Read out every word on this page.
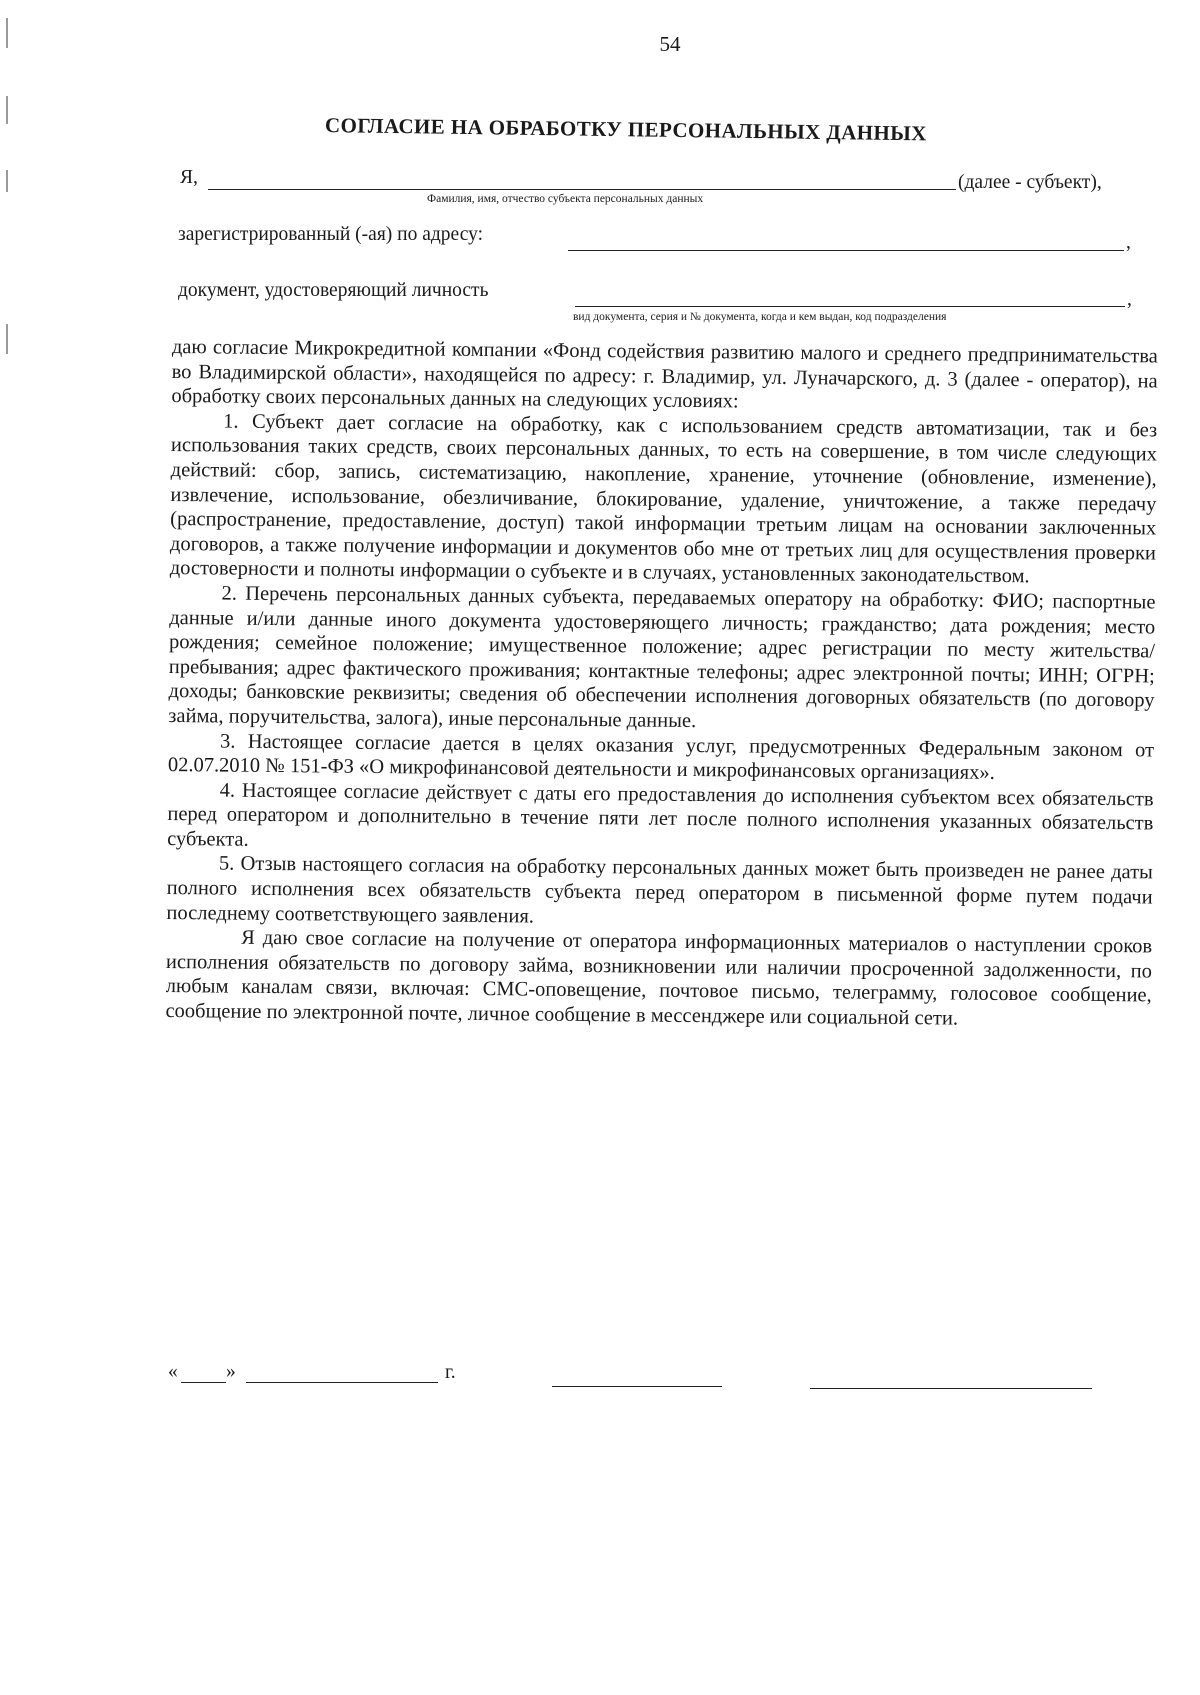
54
СОГЛАСИЕ НА ОБРАБОТКУ ПЕРСОНАЛЬНЫХ ДАННЫХ
Я,	(далее - субъект),
Фамилия, имя, отчество субъекта персональных данных
зарегистрированный (-ая) по адресу:	,
документ, удостоверяющий личность	,
вид документа, серия и № документа, когда и кем выдан, код подразделения

даю согласие Микрокредитной компании «Фонд содействия развитию малого и среднего предпринимательства во Владимирской области», находящейся по адресу: г. Владимир, ул. Луначарского, д. 3 (далее - оператор), на обработку своих персональных данных на следующих условиях:

1. Субъект дает согласие на обработку, как с использованием средств автоматизации, так и без использования таких средств, своих персональных данных, то есть на совершение, в том числе следующих действий: сбор, запись, систематизацию, накопление, хранение, уточнение (обновление, изменение), извлечение, использование, обезличивание, блокирование, удаление, уничтожение, а также передачу (распространение, предоставление, доступ) такой информации третьим лицам на основании заключенных договоров, а также получение информации и документов обо мне от третьих лиц для осуществления проверки достоверности и полноты информации о субъекте и в случаях, установленных законодательством.

2. Перечень персональных данных субъекта, передаваемых оператору на обработку: ФИО; паспортные данные и/или данные иного документа удостоверяющего личность; гражданство; дата рождения; место рождения; семейное положение; имущественное положение; адрес регистрации по месту жительства/пребывания; адрес фактического проживания; контактные телефоны; адрес электронной почты; ИНН; ОГРН; доходы; банковские реквизиты; сведения об обеспечении исполнения договорных обязательств (по договору займа, поручительства, залога), иные персональные данные.

3. Настоящее согласие дается в целях оказания услуг, предусмотренных Федеральным законом от 02.07.2010 № 151-ФЗ «О микрофинансовой деятельности и микрофинансовых организациях».

4. Настоящее согласие действует с даты его предоставления до исполнения субъектом всех обязательств перед оператором и дополнительно в течение пяти лет после полного исполнения указанных обязательств субъекта.

5. Отзыв настоящего согласия на обработку персональных данных может быть произведен не ранее даты полного исполнения всех обязательств субъекта перед оператором в письменной форме путем подачи последнему соответствующего заявления.

Я даю свое согласие на получение от оператора информационных материалов о наступлении сроков исполнения обязательств по договору займа, возникновении или наличии просроченной задолженности, по любым каналам связи, включая: СМС-оповещение, почтовое письмо, телеграмму, голосовое сообщение, сообщение по электронной почте, личное сообщение в мессенджере или социальной сети.

« »	г.
